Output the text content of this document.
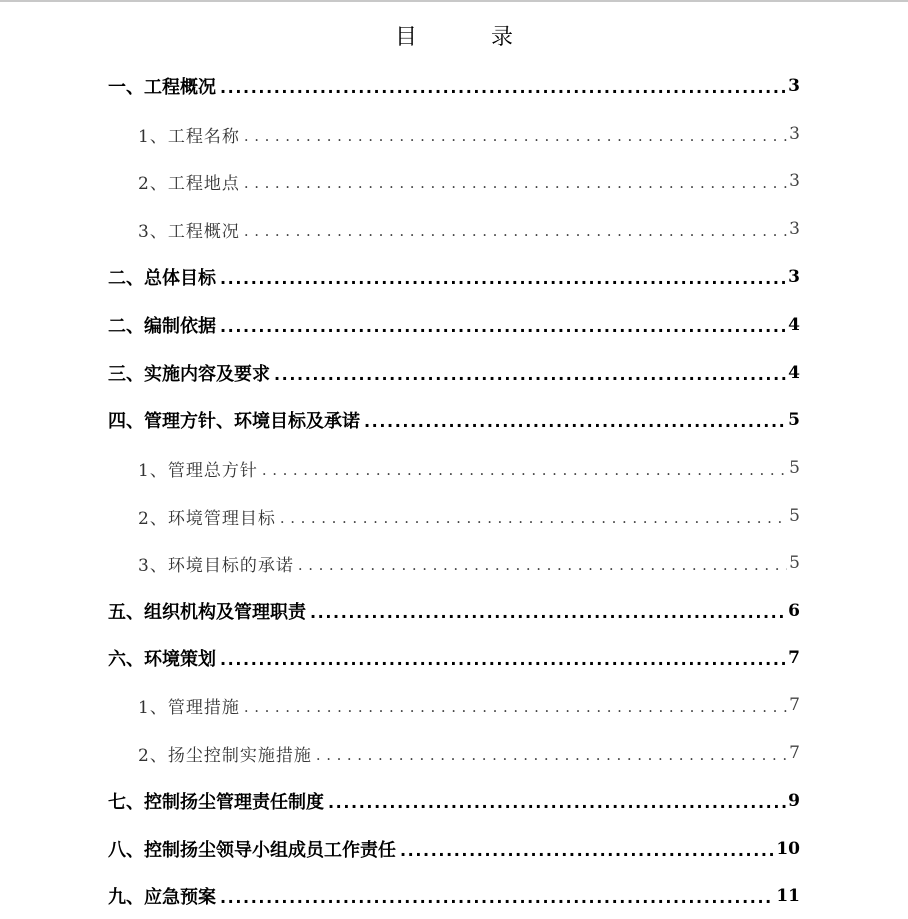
目　录
一、工程概况 .....	3
1、工程名称 .....	3
2、工程地点 .....	3
3、工程概况 .....	3
二、总体目标 .....	3
二、编制依据 .....	4
三、实施内容及要求 .....	4
四、管理方针、环境目标及承诺 .....	5
1、管理总方针 .....	5
2、环境管理目标 .....	5
3、环境目标的承诺 .....	5
五、组织机构及管理职责 .....	6
六、环境策划 .....	7
1、管理措施 .....	7
2、扬尘控制实施措施 .....	7
七、控制扬尘管理责任制度 .....	9
八、控制扬尘领导小组成员工作责任 .....	10
九、应急预案 .....	11
